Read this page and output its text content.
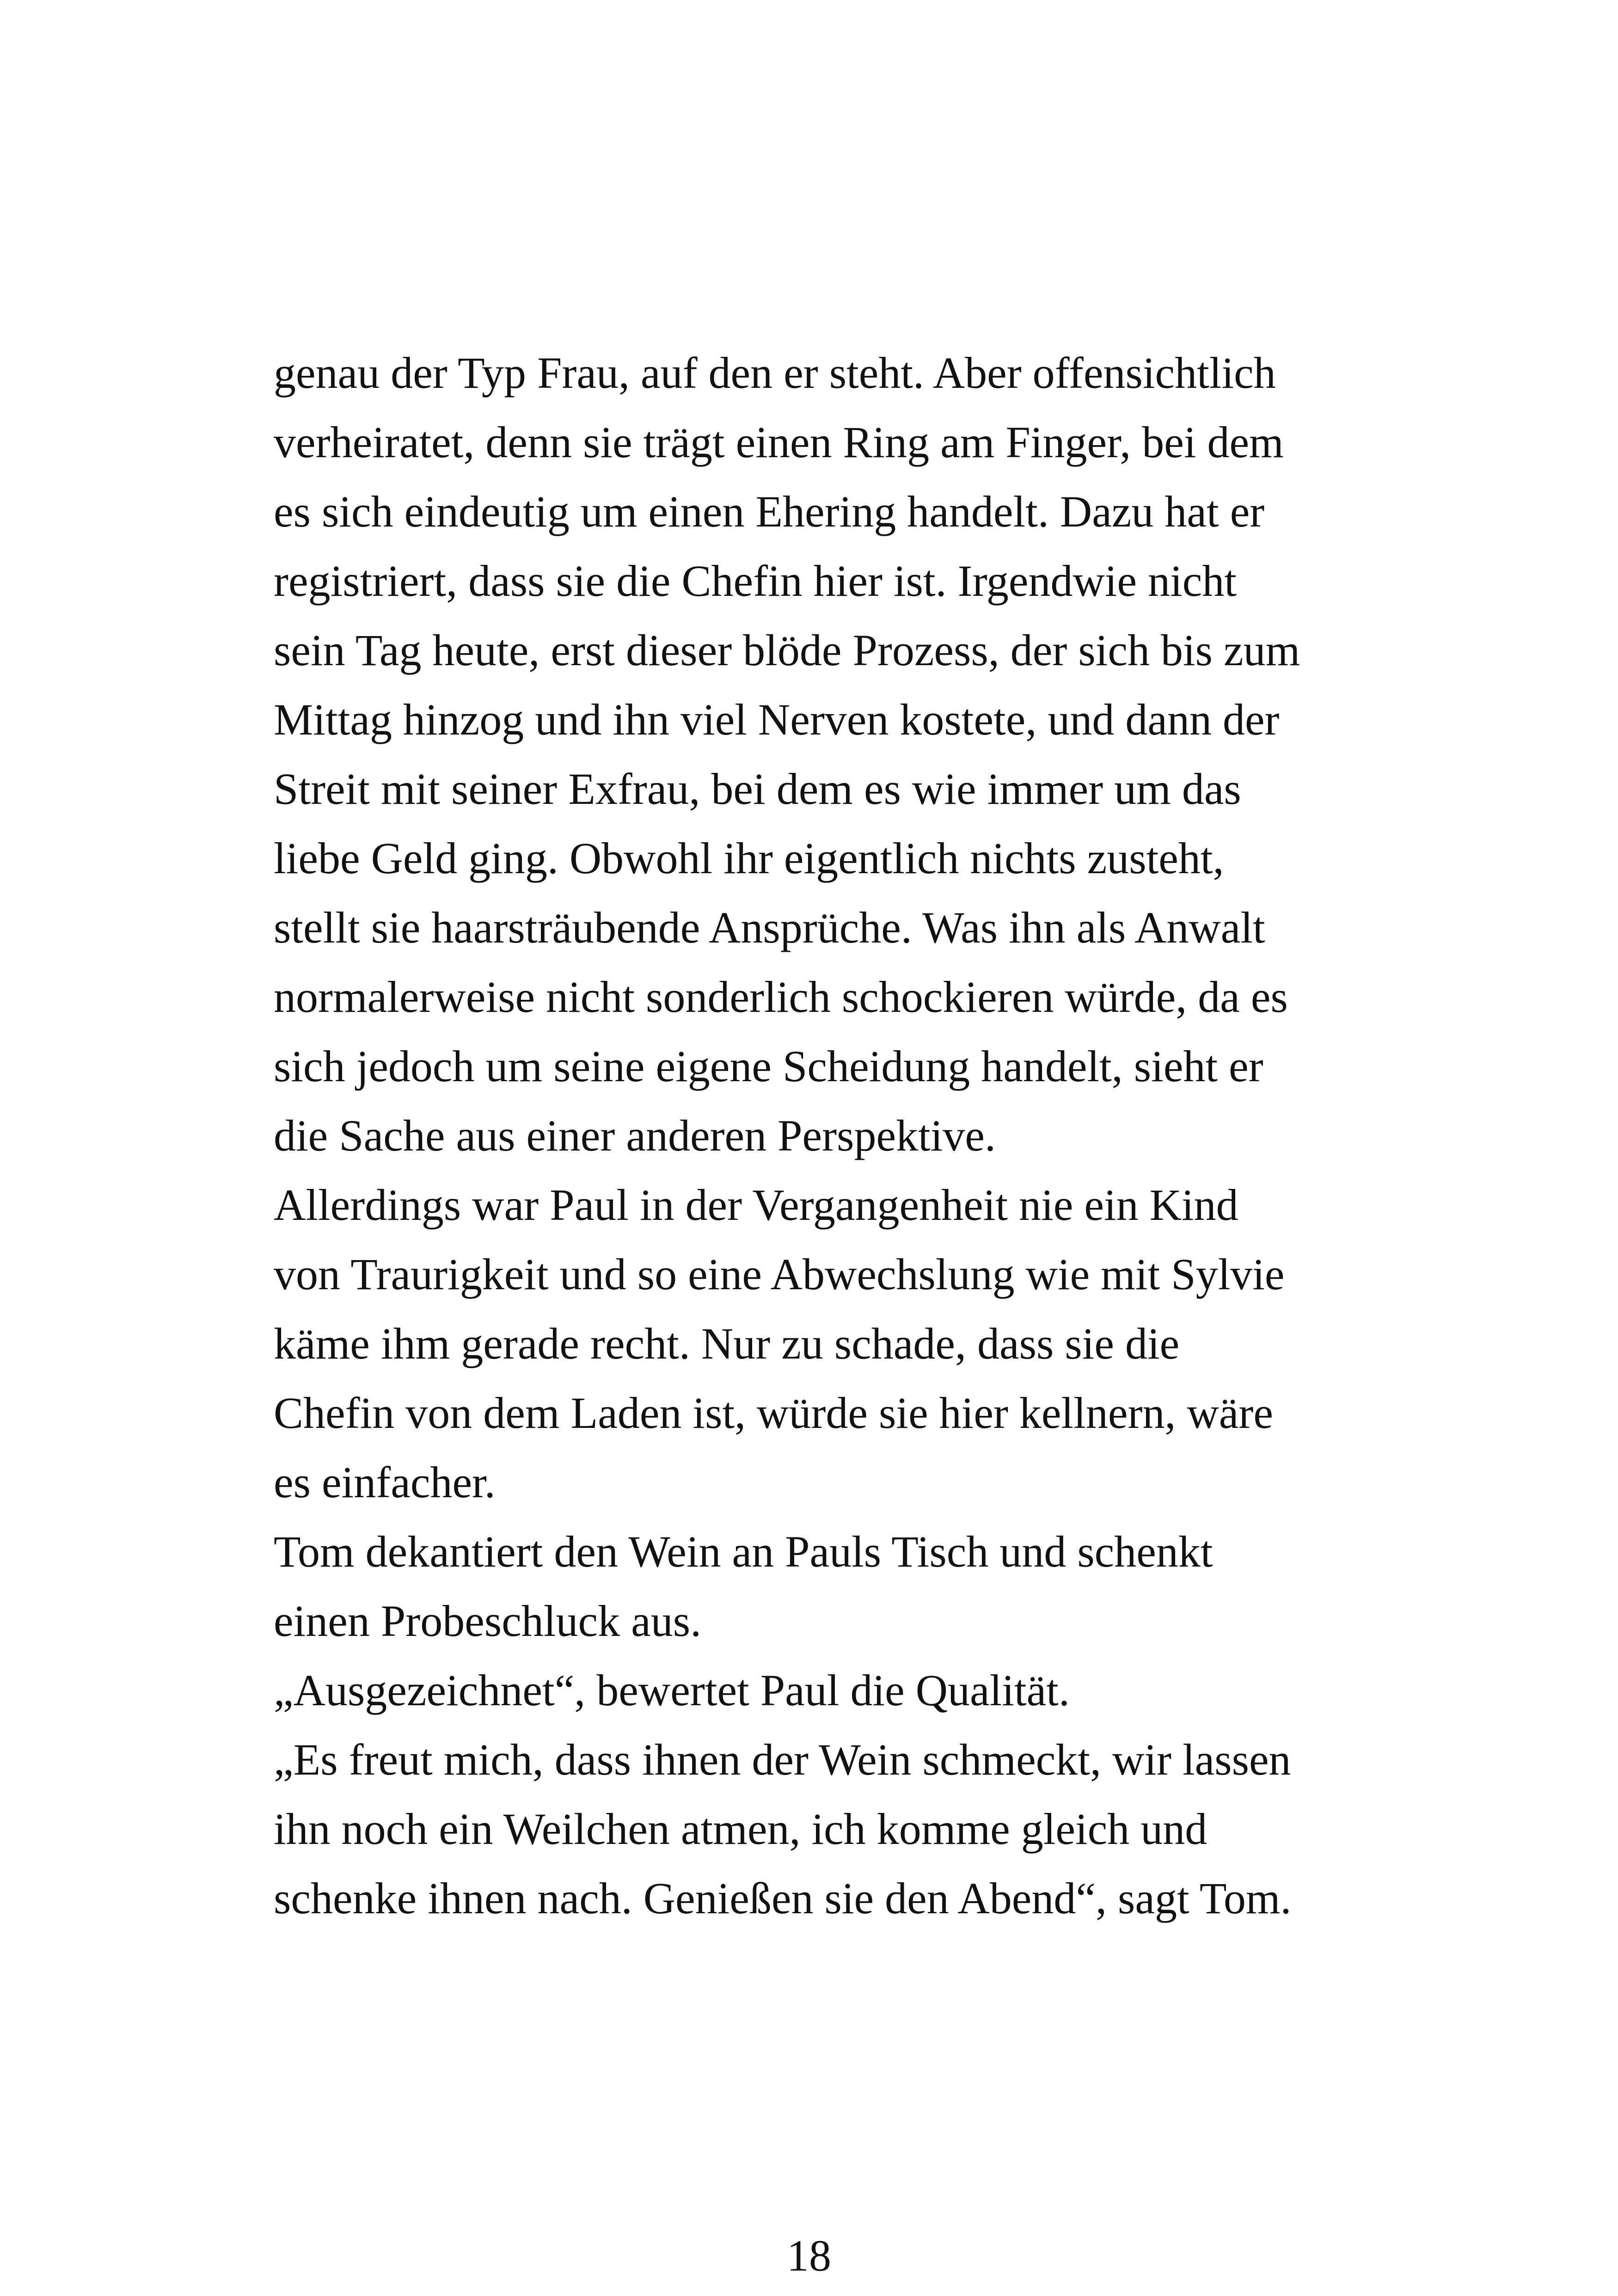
genau der Typ Frau, auf den er steht. Aber offensichtlich
verheiratet, denn sie trägt einen Ring am Finger, bei dem
es sich eindeutig um einen Ehering handelt. Dazu hat er
registriert, dass sie die Chefin hier ist. Irgendwie nicht
sein Tag heute, erst dieser blöde Prozess, der sich bis zum
Mittag hinzog und ihn viel Nerven kostete, und dann der
Streit mit seiner Exfrau, bei dem es wie immer um das
liebe Geld ging. Obwohl ihr eigentlich nichts zusteht,
stellt sie haarsträubende Ansprüche. Was ihn als Anwalt
normalerweise nicht sonderlich schockieren würde, da es
sich jedoch um seine eigene Scheidung handelt, sieht er
die Sache aus einer anderen Perspektive.
Allerdings war Paul in der Vergangenheit nie ein Kind
von Traurigkeit und so eine Abwechslung wie mit Sylvie
käme ihm gerade recht. Nur zu schade, dass sie die
Chefin von dem Laden ist, würde sie hier kellnern, wäre
es einfacher.
Tom dekantiert den Wein an Pauls Tisch und schenkt
einen Probeschluck aus.
„Ausgezeichnet“, bewertet Paul die Qualität.
„Es freut mich, dass ihnen der Wein schmeckt, wir lassen
ihn noch ein Weilchen atmen, ich komme gleich und
schenke ihnen nach. Genießen sie den Abend“, sagt Tom.
18
